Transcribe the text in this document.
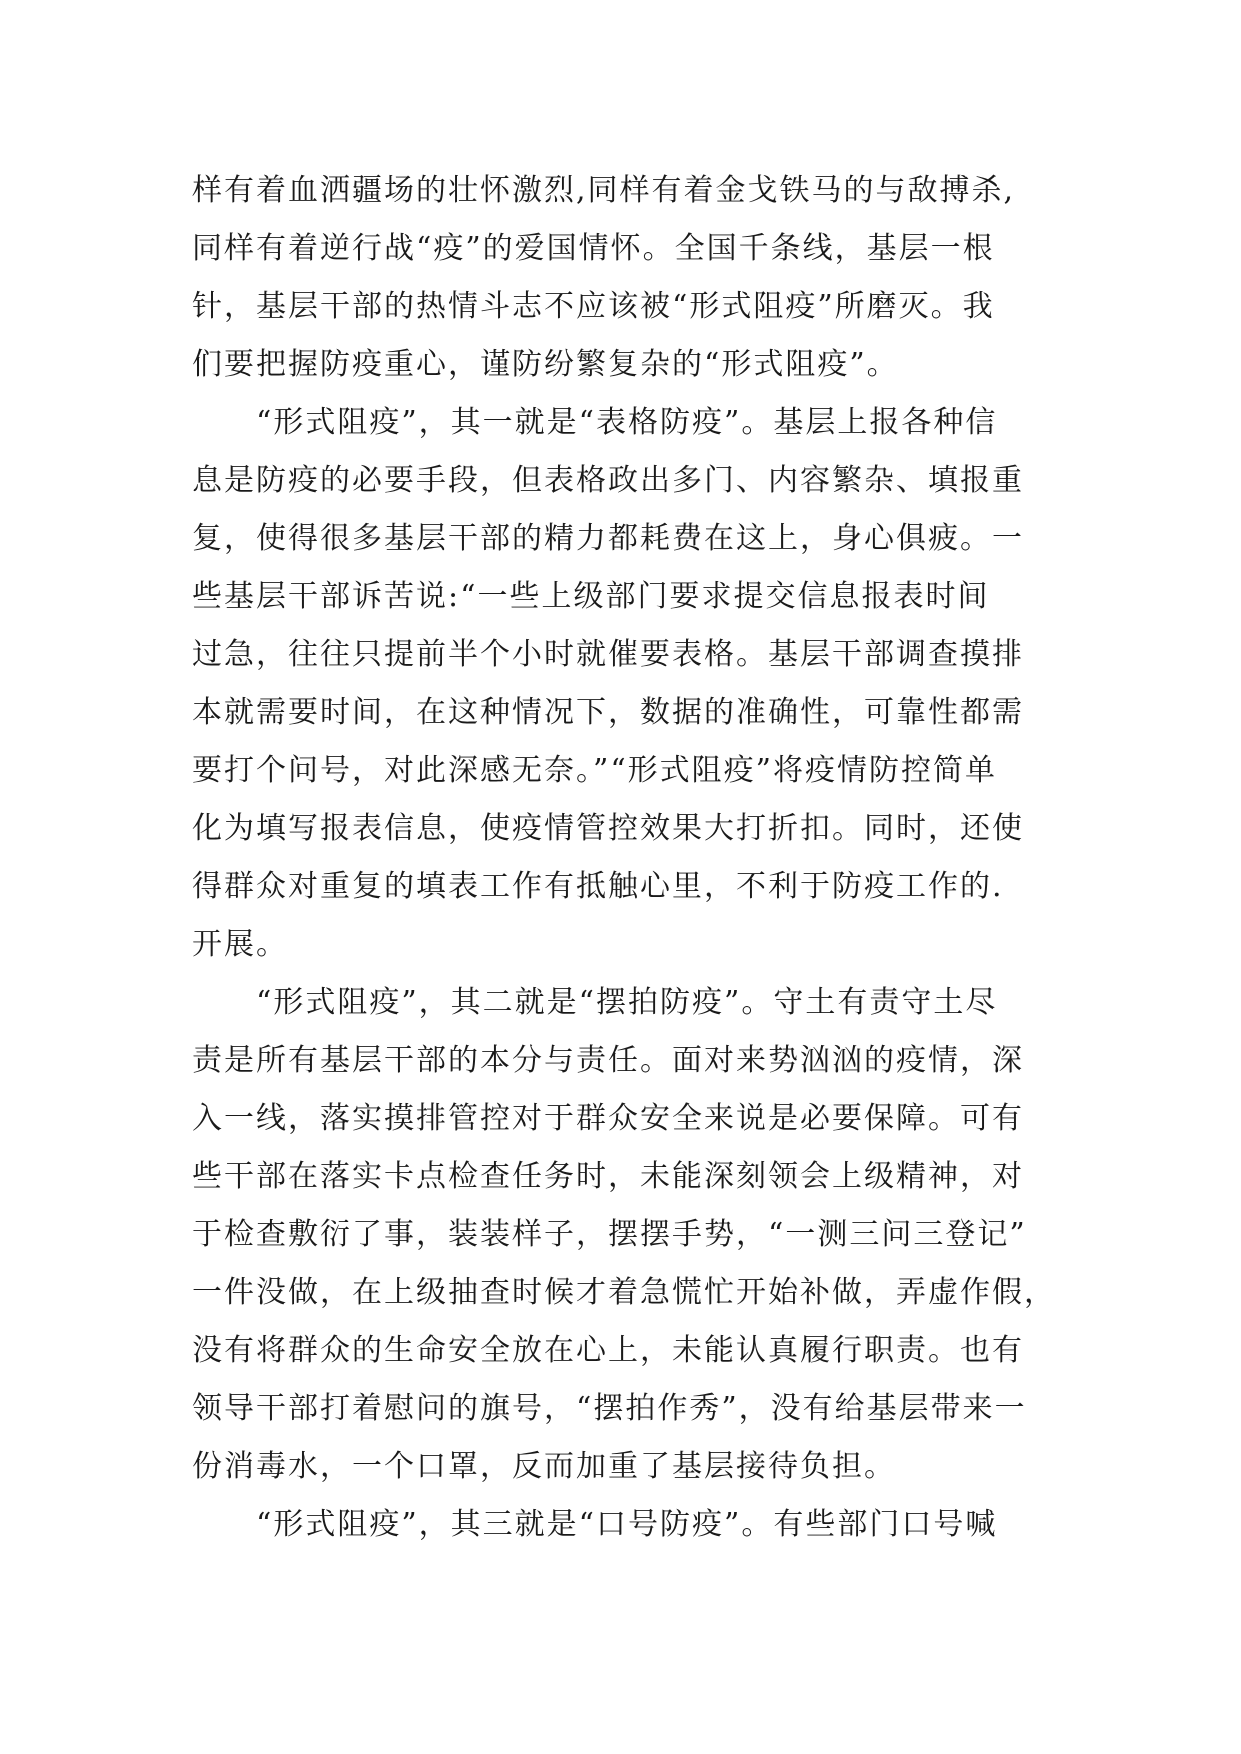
样有着血洒疆场的壮怀激烈,同样有着金戈铁马的与敌搏杀,
同样有着逆行战“疫”的爱国情怀。全国千条线，基层一根
针，基层干部的热情斗志不应该被“形式阻疫”所磨灭。我
们要把握防疫重心，谨防纷繁复杂的“形式阻疫”。
“形式阻疫”，其一就是“表格防疫”。基层上报各种信
息是防疫的必要手段，但表格政出多门、内容繁杂、填报重
复，使得很多基层干部的精力都耗费在这上，身心俱疲。一
些基层干部诉苦说:“一些上级部门要求提交信息报表时间
过急，往往只提前半个小时就催要表格。基层干部调查摸排
本就需要时间，在这种情况下，数据的准确性，可靠性都需
要打个问号，对此深感无奈。”“形式阻疫”将疫情防控简单
化为填写报表信息，使疫情管控效果大打折扣。同时，还使
得群众对重复的填表工作有抵触心里，不利于防疫工作的.
开展。
“形式阻疫”，其二就是“摆拍防疫”。守土有责守土尽
责是所有基层干部的本分与责任。面对来势汹汹的疫情，深
入一线，落实摸排管控对于群众安全来说是必要保障。可有
些干部在落实卡点检查任务时，未能深刻领会上级精神，对
于检查敷衍了事，装装样子，摆摆手势，“一测三问三登记”
一件没做，在上级抽查时候才着急慌忙开始补做，弄虚作假，
没有将群众的生命安全放在心上，未能认真履行职责。也有
领导干部打着慰问的旗号，“摆拍作秀”，没有给基层带来一
份消毒水，一个口罩，反而加重了基层接待负担。
“形式阻疫”，其三就是“口号防疫”。有些部门口号喊
